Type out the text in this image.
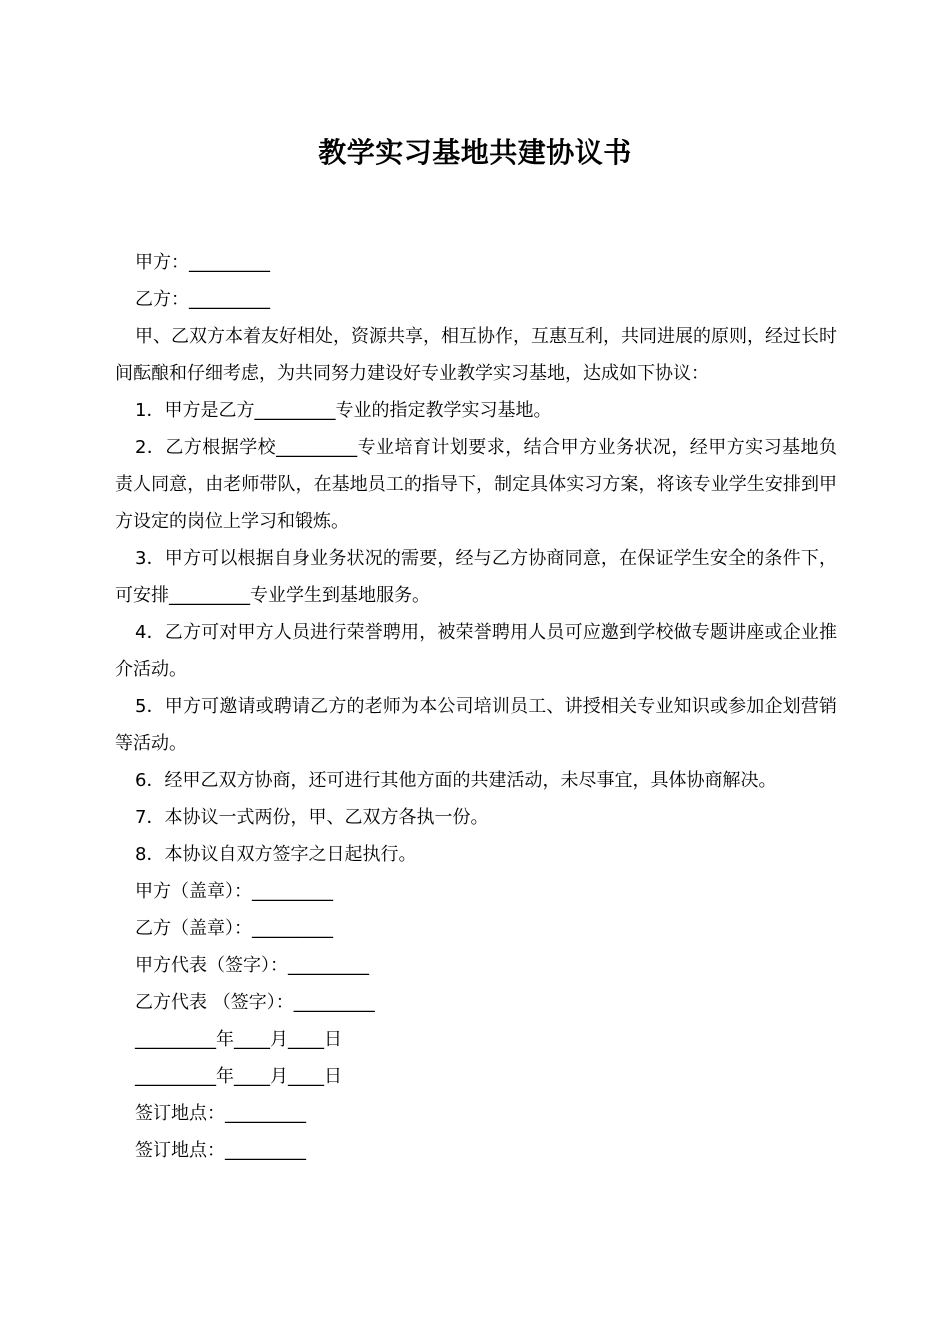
教学实习基地共建协议书

甲方：_________

乙方：_________

甲、乙双方本着友好相处，资源共享，相互协作，互惠互利，共同进展的原则，经过长时间酝酿和仔细考虑，为共同努力建设好专业教学实习基地，达成如下协议：

1．甲方是乙方_________专业的指定教学实习基地。

2．乙方根据学校_________专业培育计划要求，结合甲方业务状况，经甲方实习基地负责人同意，由老师带队，在基地员工的指导下，制定具体实习方案，将该专业学生安排到甲方设定的岗位上学习和锻炼。

3．甲方可以根据自身业务状况的需要，经与乙方协商同意，在保证学生安全的条件下，可安排_________专业学生到基地服务。

4．乙方可对甲方人员进行荣誉聘用，被荣誉聘用人员可应邀到学校做专题讲座或企业推介活动。

5．甲方可邀请或聘请乙方的老师为本公司培训员工、讲授相关专业知识或参加企划营销等活动。

6．经甲乙双方协商，还可进行其他方面的共建活动，未尽事宜，具体协商解决。

7．本协议一式两份，甲、乙双方各执一份。

8．本协议自双方签字之日起执行。

甲方（盖章）：_________

乙方（盖章）：_________

甲方代表（签字）：_________

乙方代表 （签字）：_________

_________年____月____日

_________年____月____日

签订地点：_________

签订地点：_________
